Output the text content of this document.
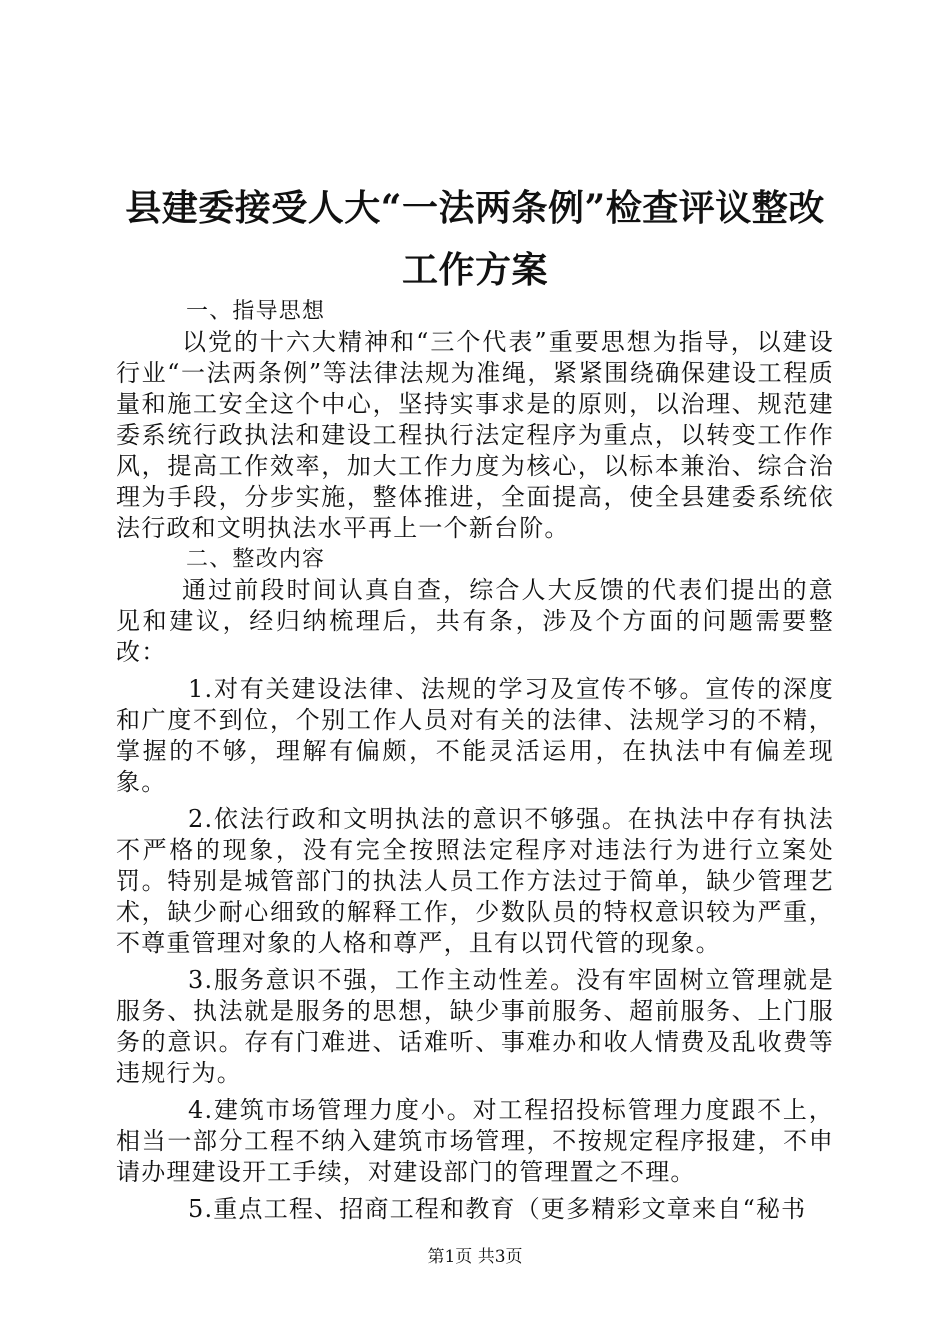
县建委接受人大“一法两条例”检查评议整改
工作方案

一、指导思想

以党的十六大精神和“三个代表”重要思想为指导，以建设行业“一法两条例”等法律法规为准绳，紧紧围绕确保建设工程质量和施工安全这个中心，坚持实事求是的原则，以治理、规范建委系统行政执法和建设工程执行法定程序为重点，以转变工作作风，提高工作效率，加大工作力度为核心，以标本兼治、综合治理为手段，分步实施，整体推进，全面提高，使全县建委系统依法行政和文明执法水平再上一个新台阶。

二、整改内容

通过前段时间认真自查，综合人大反馈的代表们提出的意见和建议，经归纳梳理后，共有条，涉及个方面的问题需要整改：

1.对有关建设法律、法规的学习及宣传不够。宣传的深度和广度不到位，个别工作人员对有关的法律、法规学习的不精，掌握的不够，理解有偏颇，不能灵活运用，在执法中有偏差现象。

2.依法行政和文明执法的意识不够强。在执法中存有执法不严格的现象，没有完全按照法定程序对违法行为进行立案处罚。特别是城管部门的执法人员工作方法过于简单，缺少管理艺术，缺少耐心细致的解释工作，少数队员的特权意识较为严重，不尊重管理对象的人格和尊严，且有以罚代管的现象。

3.服务意识不强，工作主动性差。没有牢固树立管理就是服务、执法就是服务的思想，缺少事前服务、超前服务、上门服务的意识。存有门难进、话难听、事难办和收人情费及乱收费等违规行为。

4.建筑市场管理力度小。对工程招投标管理力度跟不上，相当一部分工程不纳入建筑市场管理，不按规定程序报建，不申请办理建设开工手续，对建设部门的管理置之不理。

5.重点工程、招商工程和教育（更多精彩文章来自“秘书

第1页 共3页
